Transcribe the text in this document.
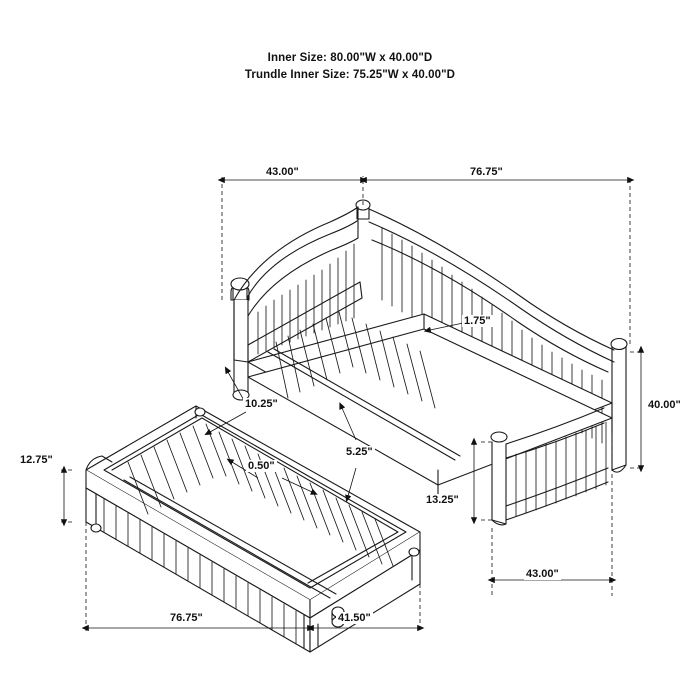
Inner Size: 80.00"W x 40.00"D
Trundle Inner Size: 75.25"W x 40.00"D
43.00"	76.75"
1.75"
40.00"
10.25"
0.50"
5.25"
12.75"
13.25"
43.00"
76.75"	41.50"
